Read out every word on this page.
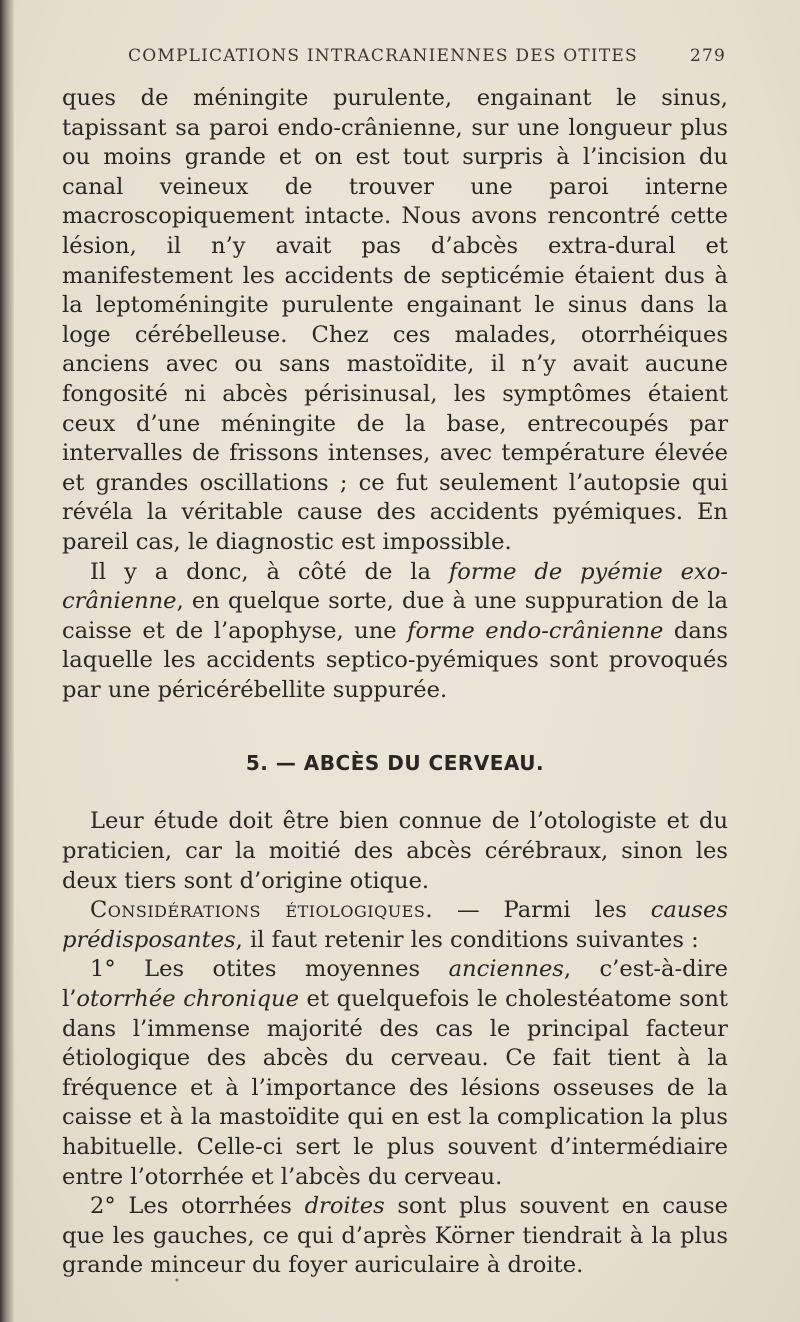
COMPLICATIONS INTRACRANIENNES DES OTITES	279

ques de méningite purulente, engainant le sinus, tapissant sa paroi endo-crânienne, sur une longueur plus ou moins grande et on est tout surpris à l’incision du canal veineux de trouver une paroi interne macroscopiquement intacte. Nous avons rencontré cette lésion, il n’y avait pas d’abcès extra-dural et manifestement les accidents de septicémie étaient dus à la leptoméningite purulente engainant le sinus dans la loge cérébelleuse. Chez ces malades, otorrhéiques anciens avec ou sans mastoïdite, il n’y avait aucune fongosité ni abcès périsinusal, les symptômes étaient ceux d’une méningite de la base, entrecoupés par intervalles de frissons intenses, avec température élevée et grandes oscillations ; ce fut seulement l’autopsie qui révéla la véritable cause des accidents pyémiques. En pareil cas, le diagnostic est impossible.

Il y a donc, à côté de la forme de pyémie exo-crânienne, en quelque sorte, due à une suppuration de la caisse et de l’apophyse, une forme endo-crânienne dans laquelle les accidents septico-pyémiques sont provoqués par une péricérébellite suppurée.

5. — ABCÈS DU CERVEAU.

Leur étude doit être bien connue de l’otologiste et du praticien, car la moitié des abcès cérébraux, sinon les deux tiers sont d’origine otique.

Considérations étiologiques. — Parmi les causes prédisposantes, il faut retenir les conditions suivantes :

1° Les otites moyennes anciennes, c’est-à-dire l’otorrhée chronique et quelquefois le cholestéatome sont dans l’immense majorité des cas le principal facteur étiologique des abcès du cerveau. Ce fait tient à la fréquence et à l’importance des lésions osseuses de la caisse et à la mastoïdite qui en est la complication la plus habituelle. Celle-ci sert le plus souvent d’intermédiaire entre l’otorrhée et l’abcès du cerveau.

2° Les otorrhées droites sont plus souvent en cause que les gauches, ce qui d’après Körner tiendrait à la plus grande minceur du foyer auriculaire à droite.

•
